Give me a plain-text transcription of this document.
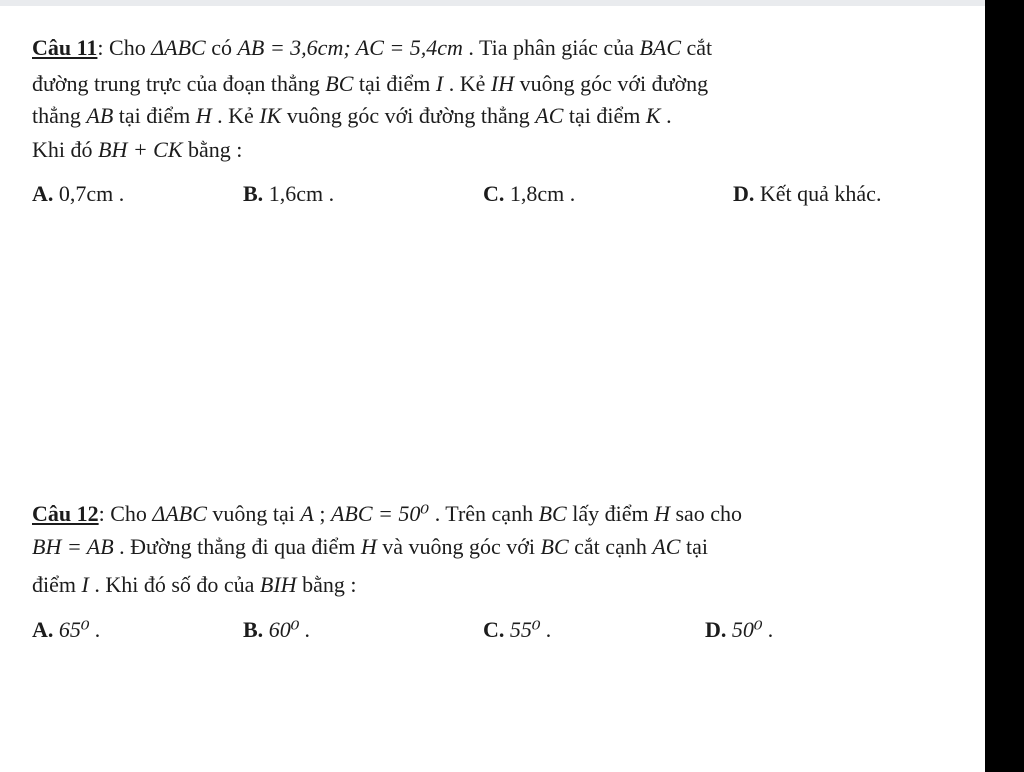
Câu 11: Cho ΔABC có AB = 3,6cm; AC = 5,4cm . Tia phân giác của BAC cắt
đường trung trực của đoạn thẳng BC tại điểm I . Kẻ IH vuông góc với đường
thẳng AB tại điểm H . Kẻ IK vuông góc với đường thẳng AC tại điểm K .
Khi đó BH + CK bằng :
A. 0,7cm .	B. 1,6cm .	C. 1,8cm .	D. Kết quả khác.
Câu 12: Cho ΔABC vuông tại A ; ABC = 50⁰ . Trên cạnh BC lấy điểm H sao cho
BH = AB . Đường thẳng đi qua điểm H và vuông góc với BC cắt cạnh AC tại
điểm I . Khi đó số đo của BIH bằng :
A. 65⁰ .	B. 60⁰ .	C. 55⁰ .	D. 50⁰ .
